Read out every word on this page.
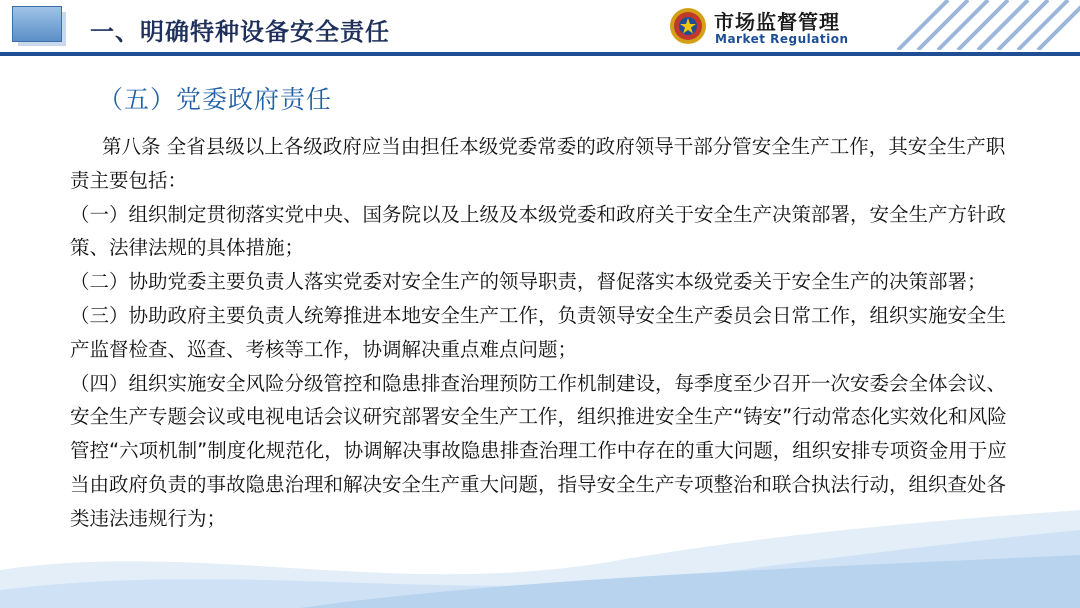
一、明确特种设备安全责任	市场监督管理
Market Regulation
（五）党委政府责任

第八条 全省县级以上各级政府应当由担任本级党委常委的政府领导干部分管安全生产工作，其安全生产职责主要包括：

（一）组织制定贯彻落实党中央、国务院以及上级及本级党委和政府关于安全生产决策部署，安全生产方针政策、法律法规的具体措施；

（二）协助党委主要负责人落实党委对安全生产的领导职责，督促落实本级党委关于安全生产的决策部署；

（三）协助政府主要负责人统筹推进本地安全生产工作，负责领导安全生产委员会日常工作，组织实施安全生产监督检查、巡查、考核等工作，协调解决重点难点问题；

（四）组织实施安全风险分级管控和隐患排查治理预防工作机制建设，每季度至少召开一次安委会全体会议、安全生产专题会议或电视电话会议研究部署安全生产工作，组织推进安全生产“铸安”行动常态化实效化和风险管控“六项机制”制度化规范化，协调解决事故隐患排查治理工作中存在的重大问题，组织安排专项资金用于应当由政府负责的事故隐患治理和解决安全生产重大问题，指导安全生产专项整治和联合执法行动，组织查处各类违法违规行为；
